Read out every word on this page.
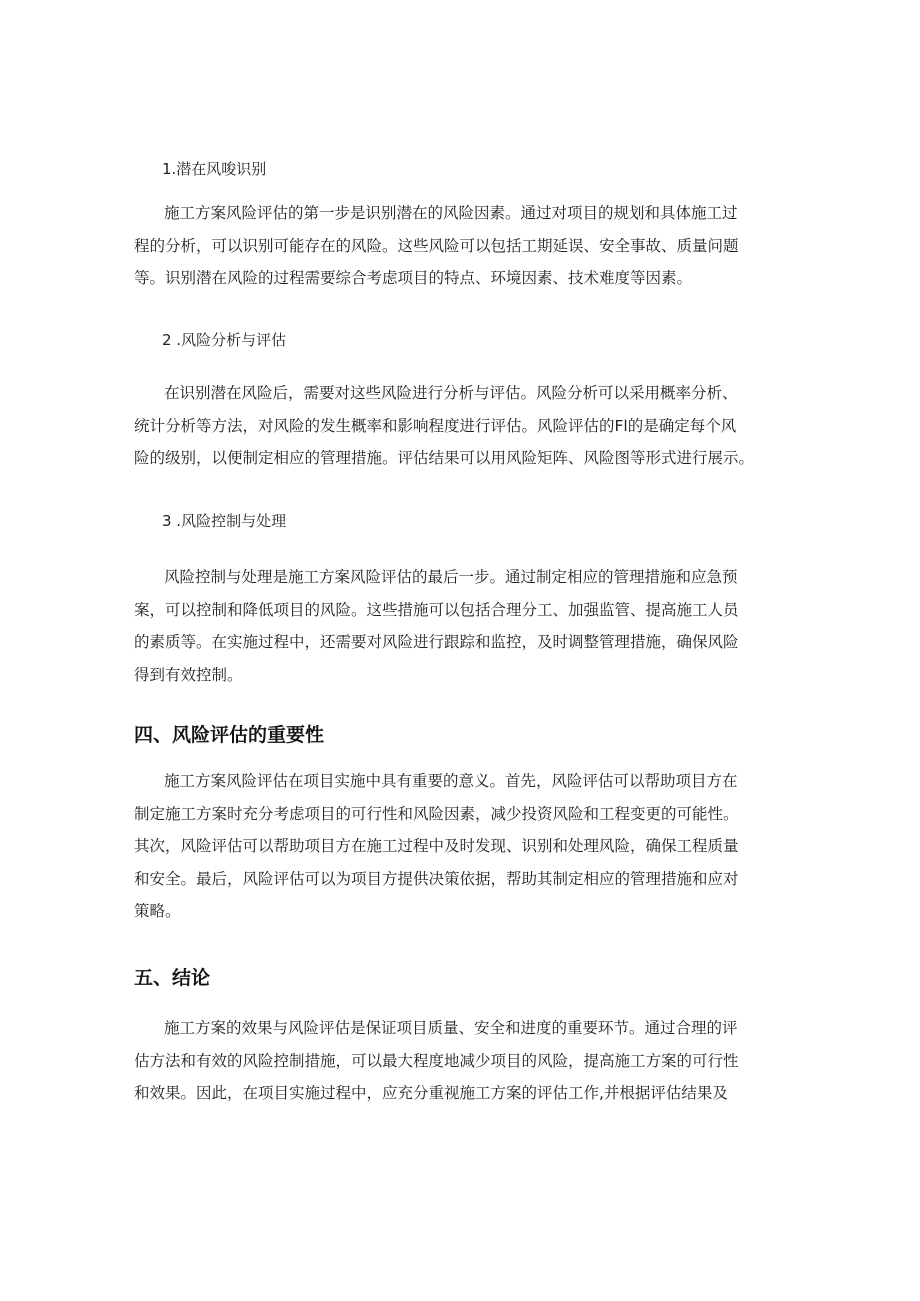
1.潜在风唆识别
施工方案风险评估的第一步是识别潜在的风险因素。通过对项目的规划和具体施工过
程的分析，可以识别可能存在的风险。这些风险可以包括工期延误、安全事故、质量问题
等。识别潜在风险的过程需要综合考虑项目的特点、环境因素、技术难度等因素。
2 .风险分析与评估
在识别潜在风险后，需要对这些风险进行分析与评估。风险分析可以采用概率分析、
统计分析等方法，对风险的发生概率和影响程度进行评估。风险评估的Fl的是确定每个风
险的级别，以便制定相应的管理措施。评估结果可以用风险矩阵、风险图等形式进行展示。
3 .风险控制与处理
风险控制与处理是施工方案风险评估的最后一步。通过制定相应的管理措施和应急预
案，可以控制和降低项目的风险。这些措施可以包括合理分工、加强监管、提高施工人员
的素质等。在实施过程中，还需要对风险进行跟踪和监控，及时调整管理措施，确保风险
得到有效控制。
四、风险评估的重要性
施工方案风险评估在项目实施中具有重要的意义。首先，风险评估可以帮助项目方在
制定施工方案时充分考虑项目的可行性和风险因素，减少投资风险和工程变更的可能性。
其次，风险评估可以帮助项目方在施工过程中及时发现、识别和处理风险，确保工程质量
和安全。最后，风险评估可以为项目方提供决策依据，帮助其制定相应的管理措施和应对
策略。
五、结论
施工方案的效果与风险评估是保证项目质量、安全和进度的重要环节。通过合理的评
估方法和有效的风险控制措施，可以最大程度地减少项目的风险，提高施工方案的可行性
和效果。因此，在项目实施过程中，应充分重视施工方案的评估工作,并根据评估结果及
